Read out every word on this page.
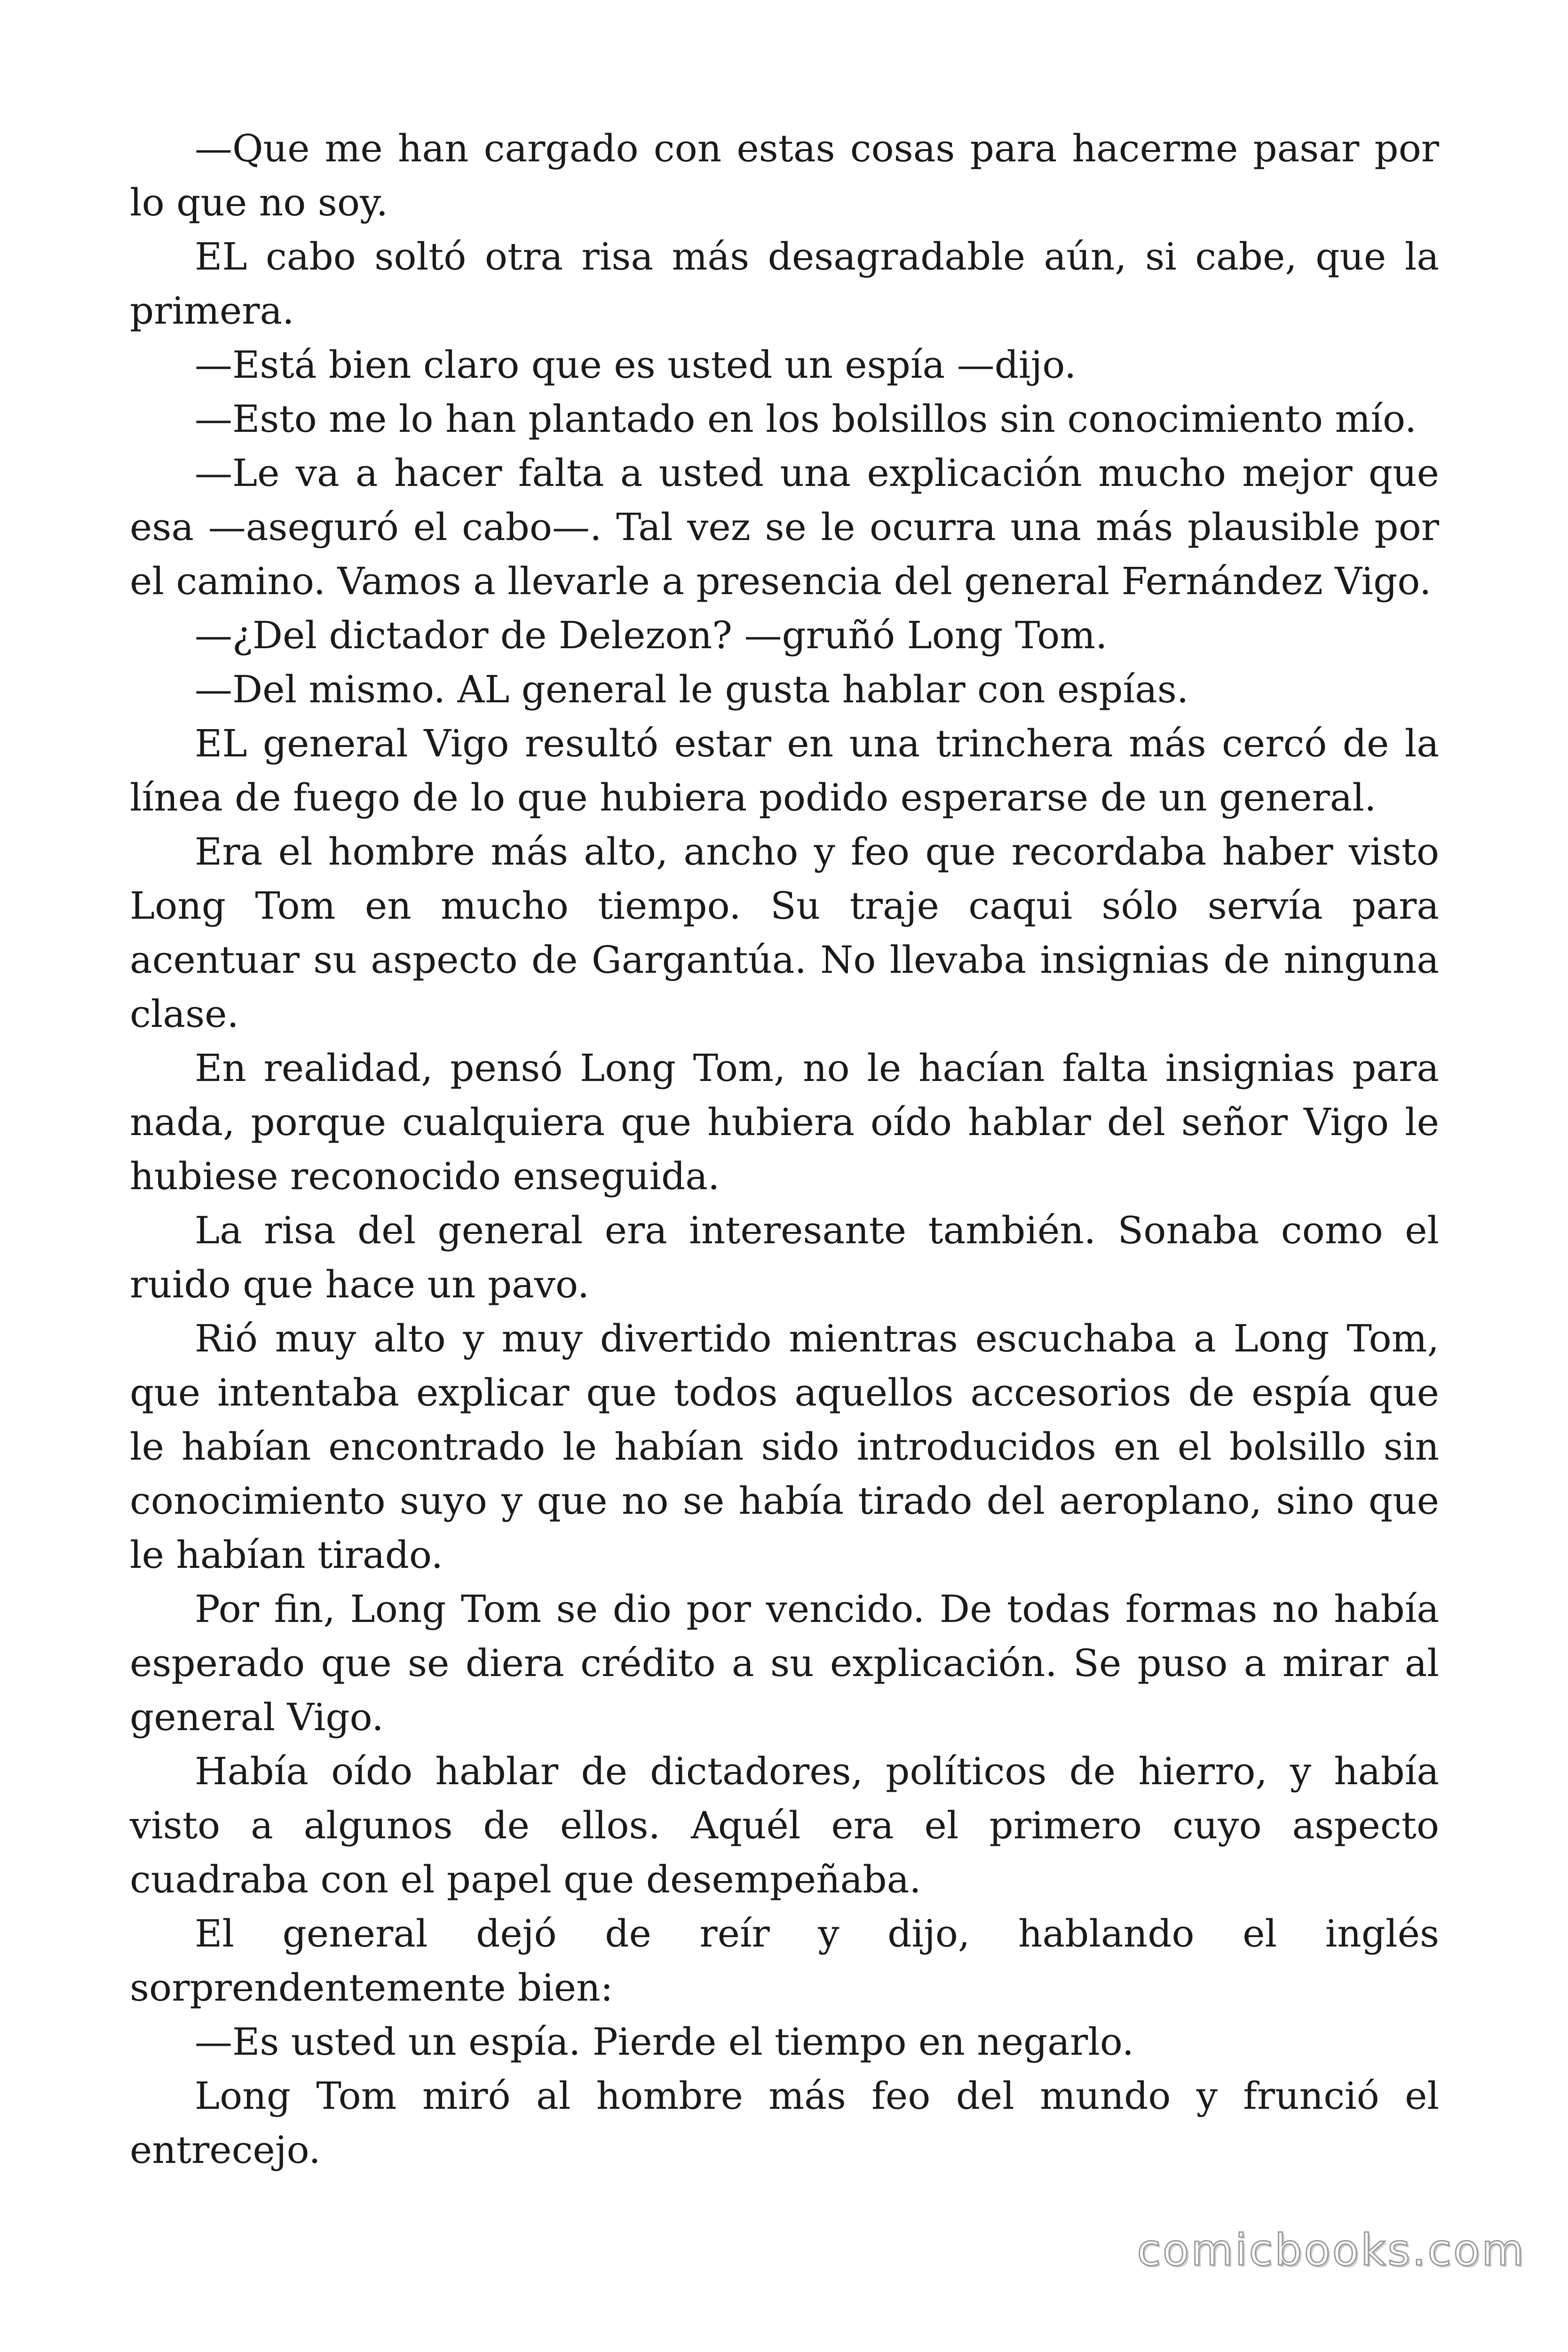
—Que me han cargado con estas cosas para hacerme pasar por lo que no soy.

EL cabo soltó otra risa más desagradable aún, si cabe, que la primera.

—Está bien claro que es usted un espía —dijo.

—Esto me lo han plantado en los bolsillos sin conocimiento mío.

—Le va a hacer falta a usted una explicación mucho mejor que esa —aseguró el cabo—. Tal vez se le ocurra una más plausible por el camino. Vamos a llevarle a presencia del general Fernández Vigo.

—¿Del dictador de Delezon? —gruñó Long Tom.

—Del mismo. AL general le gusta hablar con espías.

EL general Vigo resultó estar en una trinchera más cercó de la línea de fuego de lo que hubiera podido esperarse de un general.

Era el hombre más alto, ancho y feo que recordaba haber visto Long Tom en mucho tiempo. Su traje caqui sólo servía para acentuar su aspecto de Gargantúa. No llevaba insignias de ninguna clase.

En realidad, pensó Long Tom, no le hacían falta insignias para nada, porque cualquiera que hubiera oído hablar del señor Vigo le hubiese reconocido enseguida.

La risa del general era interesante también. Sonaba como el ruido que hace un pavo.

Rió muy alto y muy divertido mientras escuchaba a Long Tom, que intentaba explicar que todos aquellos accesorios de espía que le habían encontrado le habían sido introducidos en el bolsillo sin conocimiento suyo y que no se había tirado del aeroplano, sino que le habían tirado.

Por fin, Long Tom se dio por vencido. De todas formas no había esperado que se diera crédito a su explicación. Se puso a mirar al general Vigo.

Había oído hablar de dictadores, políticos de hierro, y había visto a algunos de ellos. Aquél era el primero cuyo aspecto cuadraba con el papel que desempeñaba.

El general dejó de reír y dijo, hablando el inglés sorprendentemente bien:

—Es usted un espía. Pierde el tiempo en negarlo.

Long Tom miró al hombre más feo del mundo y frunció el entrecejo.

comicbooks.com
